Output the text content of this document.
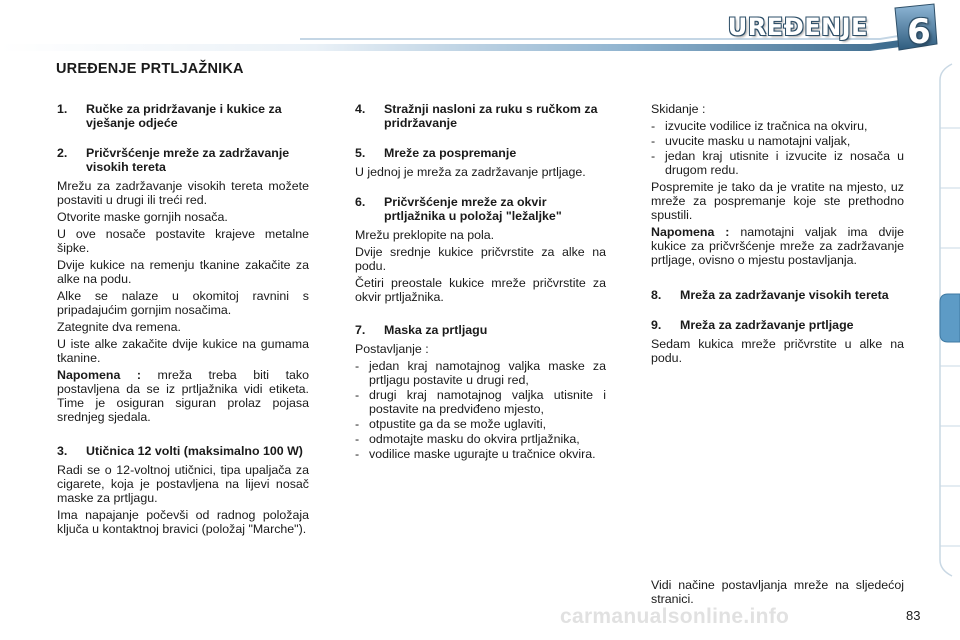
UREĐENJE	6
UREĐENJE PRTLJAŽNIKA
1.	Ručke za pridržavanje i kukice za vješanje odjeće
2.	Pričvršćenje mreže za zadržavanje visokih tereta

Mrežu za zadržavanje visokih tereta možete postaviti u drugi ili treći red.

Otvorite maske gornjih nosača.

U ove nosače postavite krajeve metalne šipke.

Dvije kukice na remenju tkanine zakačite za alke na podu.

Alke se nalaze u okomitoj ravnini s pripadajućim gornjim nosačima.

Zategnite dva remena.

U iste alke zakačite dvije kukice na gumama tkanine.

Napomena : mreža treba biti tako postavljena da se iz prtljažnika vidi etiketa. Time je osiguran siguran prolaz pojasa srednjeg sjedala.

3.	Utičnica 12 volti (maksimalno 100 W)

Radi se o 12-voltnoj utičnici, tipa upaljača za cigarete, koja je postavljena na lijevi nosač maske za prtljagu.

Ima napajanje počevši od radnog položaja ključa u kontaktnoj bravici (položaj "Marche").

4.	Stražnji nasloni za ruku s ručkom za pridržavanje
5.	Mreže za pospremanje

U jednoj je mreža za zadržavanje prtljage.

6.	Pričvršćenje mreže za okvir prtljažnika u položaj "ležaljke"

Mrežu preklopite na pola.

Dvije srednje kukice pričvrstite za alke na podu.

Četiri preostale kukice mreže pričvrstite za okvir prtljažnika.

7.	Maska za prtljagu

Postavljanje :

- jedan kraj namotajnog valjka maske za prtljagu postavite u drugi red,
- drugi kraj namotajnog valjka utisnite i postavite na predviđeno mjesto,
- otpustite ga da se može uglaviti,
- odmotajte masku do okvira prtljažnika,
- vodilice maske ugurajte u tračnice okvira.

Skidanje :

- izvucite vodilice iz tračnica na okviru,
- uvucite masku u namotajni valjak,
- jedan kraj utisnite i izvucite iz nosača u drugom redu.

Pospremite je tako da je vratite na mjesto, uz mreže za pospremanje koje ste prethodno spustili.

Napomena : namotajni valjak ima dvije kukice za pričvršćenje mreže za zadržavanje prtljage, ovisno o mjestu postavljanja.

8.	Mreža za zadržavanje visokih tereta
9.	Mreža za zadržavanje prtljage

Sedam kukica mreže pričvrstite u alke na podu.

Vidi načine postavljanja mreže na sljedećoj stranici.

83
carmanualsonline.info
